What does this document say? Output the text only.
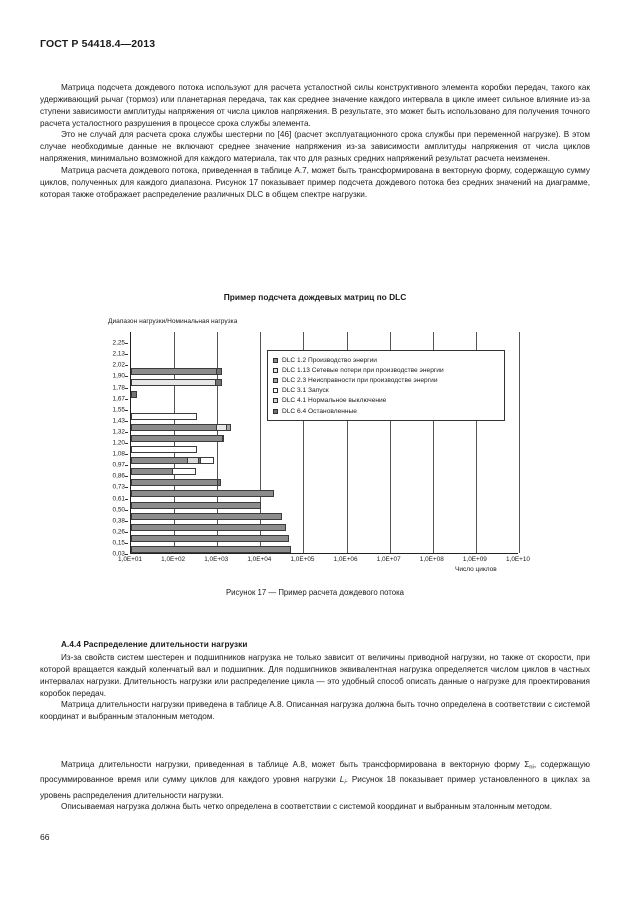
ГОСТ Р 54418.4—2013

Матрица подсчета дождевого потока используют для расчета усталостной силы конструктивного элемента коробки передач, такого как удерживающий рычаг (тормоз) или планетарная передача, так как среднее значение каждого интервала в цикле имеет сильное влияние из-за ступени зависимости амплитуды напряжения от числа циклов напряжения. В результате, это может быть использовано для получения точного расчета усталостного разрушения в процессе срока службы элемента.

Это не случай для расчета срока службы шестерни по [46] (расчет эксплуатационного срока службы при переменной нагрузке). В этом случае необходимые данные не включают среднее значение напряжения из-за зависимости амплитуды напряжения от числа циклов напряжения, минимально возможной для каждого материала, так что для разных средних напряжений результат расчета неизменен.

Матрица расчета дождевого потока, приведенная в таблице А.7, может быть трансформирована в векторную форму, содержащую сумму циклов, полученных для каждого диапазона. Рисунок 17 показывает пример подсчета дождевого потока без средних значений на диаграмме, которая также отображает распределение различных DLC в общем спектре нагрузки.

Пример подсчета дождевых матриц по DLC
Диапазон нагрузки/Номинальная нагрузка
2,25
2,13
2,02
1,90
1,78
1,67
1,55
1,43
1,32
1,20
1,08
0,97
0,86
0,73
0,61
0,50
0,38
0,26
0,15
0,03
1,0E+01	1,0E+02	1,0E+03	1,0E+04	1,0E+05	1,0E+06	1,0E+07	1,0E+08	1,0E+09	1,0E+10
Число циклов
DLC 1.2 Производство энергии
DLC 1.13 Сетевые потери при производстве энергии
DLC 2.3 Неисправности при производстве энергии
DLC 3.1 Запуск
DLC 4.1 Нормальное выключение
DLC 6.4 Остановленные
Рисунок 17 — Пример расчета дождевого потока
А.4.4 Распределение длительности нагрузки

Из-за свойств систем шестерен и подшипников нагрузка не только зависит от величины приводной нагрузки, но также от скорости, при которой вращается каждый коленчатый вал и подшипник. Для подшипников эквивалентная нагрузка определяется числом циклов в частных интервалах нагрузки. Длительность нагрузки или распределение цикла — это удобный способ описать данные о нагрузке для проектирования коробок передач.

Матрица длительности нагрузки приведена в таблице А.8. Описанная нагрузка должна быть точно определена в соответствии с системой координат и выбранным эталонным методом.

Матрица длительности нагрузки, приведенная в таблице А.8, может быть трансформирована в векторную форму $\Sigma_{ni}$, содержащую просуммированное время или сумму циклов для каждого уровня нагрузки $L_i$. Рисунок 18 показывает пример установленного в циклах за уровень распределения длительности нагрузки.

Описываемая нагрузка должна быть четко определена в соответствии с системой координат и выбранным эталонным методом.

66
